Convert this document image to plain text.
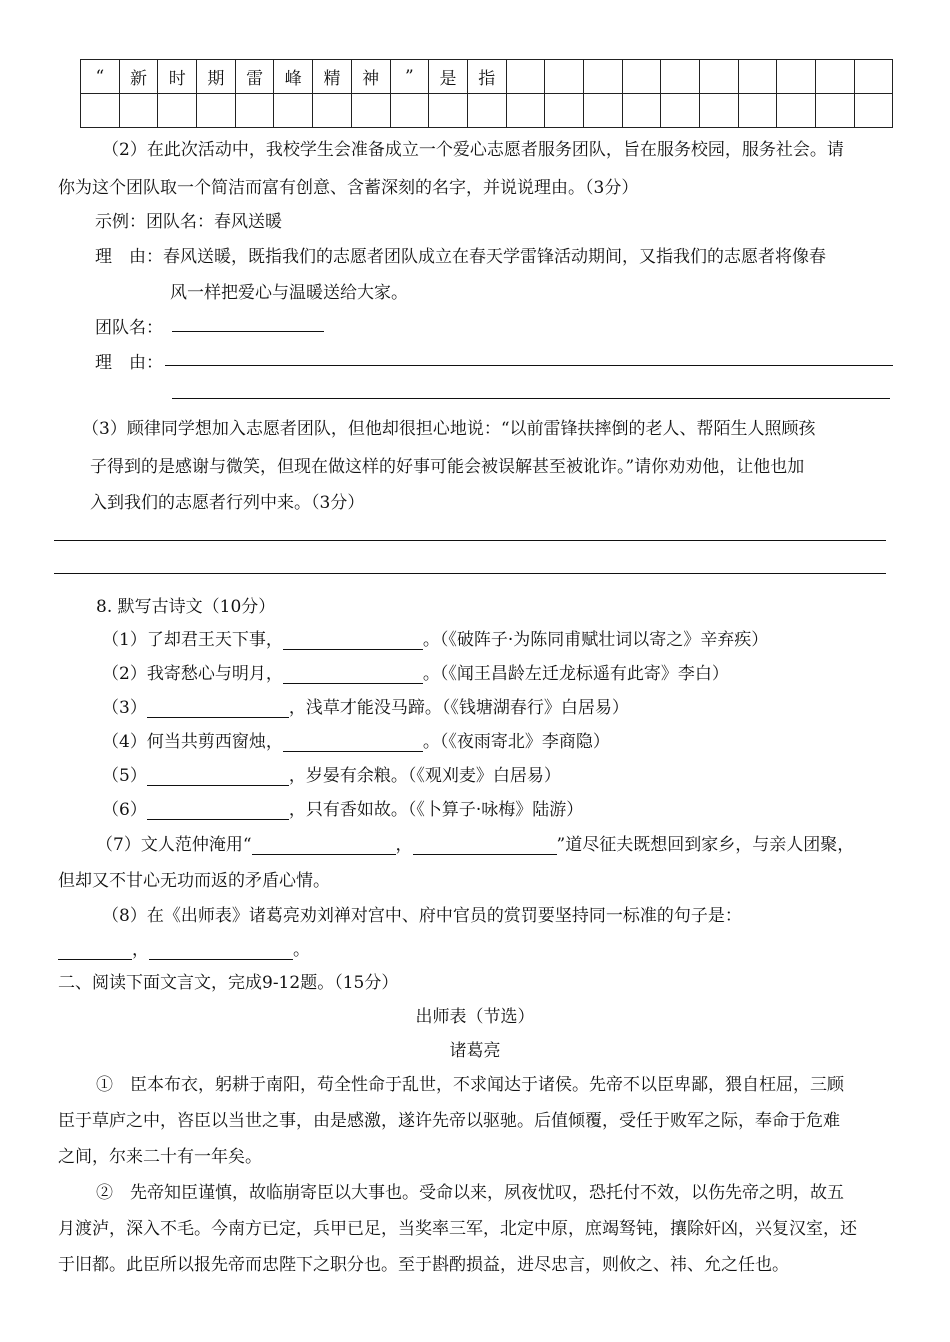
“	新	时	期	雷	峰	精	神	”	是	指										

（2）在此次活动中，我校学生会准备成立一个爱心志愿者服务团队，旨在服务校园，服务社会。请
你为这个团队取一个简洁而富有创意、含蓄深刻的名字，并说说理由。（3分）
示例：团队名：春风送暖
理　由： 春风送暖，既指我们的志愿者团队成立在春天学雷锋活动期间，又指我们的志愿者将像春
风一样把爱心与温暖送给大家。
团队名：
理　由：
（3）顾律同学想加入志愿者团队，但他却很担心地说：“以前雷锋扶摔倒的老人、帮陌生人照顾孩
子得到的是感谢与微笑，但现在做这样的好事可能会被误解甚至被讹诈。”请你劝劝他，让他也加
入到我们的志愿者行列中来。（3分）
8. 默写古诗文（10分）
（1）了却君王天下事，	。（《破阵子·为陈同甫赋壮词以寄之》辛弃疾）
（2）我寄愁心与明月，	。（《闻王昌龄左迁龙标遥有此寄》李白）
（3）	，浅草才能没马蹄。（《钱塘湖春行》白居易）
（4）何当共剪西窗烛，	。（《夜雨寄北》李商隐）
（5）	，岁晏有余粮。（《观刈麦》白居易）
（6）	，只有香如故。（《卜算子·咏梅》陆游）
（7）文人范仲淹用“	，	”道尽征夫既想回到家乡，与亲人团聚，
但却又不甘心无功而返的矛盾心情。
（8）在《出师表》诸葛亮劝刘禅对宫中、府中官员的赏罚要坚持同一标准的句子是：
，	。
二、阅读下面文言文，完成9-12题。（15分）
出师表（节选）
诸葛亮
①　臣本布衣，躬耕于南阳，苟全性命于乱世，不求闻达于诸侯。先帝不以臣卑鄙，猥自枉屈，三顾
臣于草庐之中，咨臣以当世之事，由是感激，遂许先帝以驱驰。后值倾覆，受任于败军之际，奉命于危难
之间，尔来二十有一年矣。
②　先帝知臣谨慎，故临崩寄臣以大事也。受命以来，夙夜忧叹，恐托付不效，以伤先帝之明，故五
月渡泸，深入不毛。今南方已定，兵甲已足，当奖率三军，北定中原，庶竭驽钝，攘除奸凶，兴复汉室，还
于旧都。此臣所以报先帝而忠陛下之职分也。至于斟酌损益，进尽忠言，则攸之、祎、允之任也。
